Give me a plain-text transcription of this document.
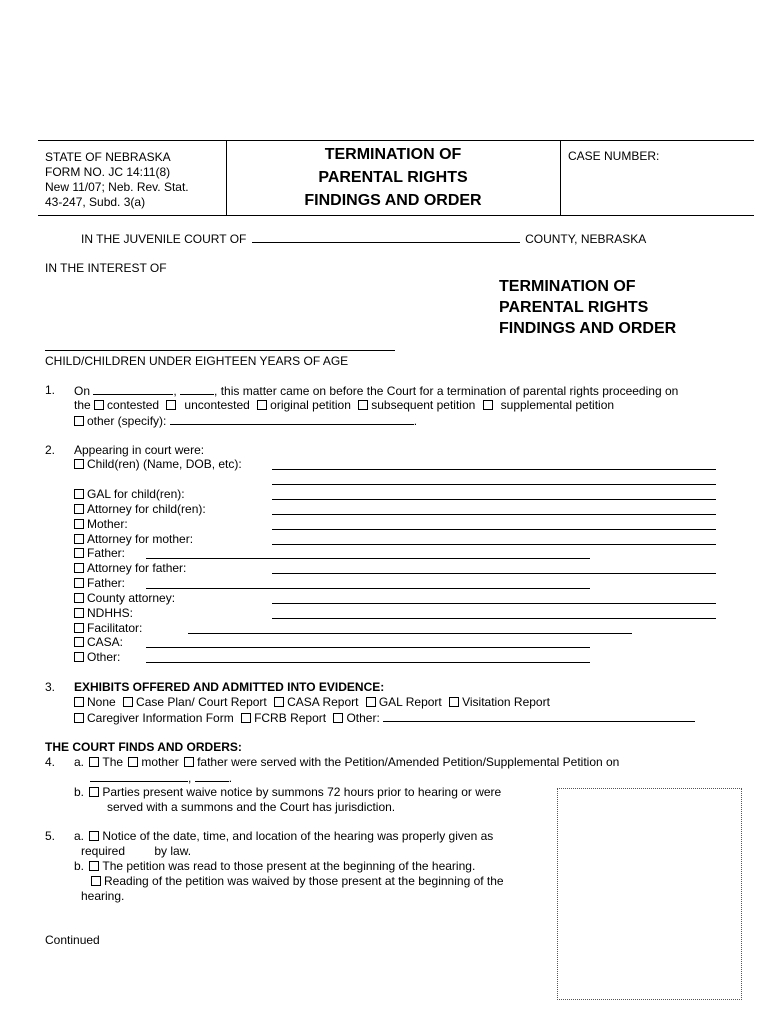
STATE OF NEBRASKA
FORM NO. JC 14:11(8)
New 11/07; Neb. Rev. Stat.
43-247, Subd. 3(a)
TERMINATION OF
PARENTAL RIGHTS
FINDINGS AND ORDER
CASE NUMBER:
IN THE JUVENILE COURT OF	COUNTY, NEBRASKA
IN THE INTEREST OF
TERMINATION OF
PARENTAL RIGHTS
FINDINGS AND ORDER
CHILD/CHILDREN UNDER EIGHTEEN YEARS OF AGE
1. On	,	, this matter came on before the Court for a termination of parental rights proceeding on
the contested uncontested original petition subsequent petition supplemental petition
other (specify):	.
2. Appearing in court were:
Child(ren) (Name, DOB, etc):
GAL for child(ren):
Attorney for child(ren):
Mother:
Attorney for mother:
Father:
Attorney for father:
Father:
County attorney:
NDHHS:
Facilitator:
CASA:
Other:
3. EXHIBITS OFFERED AND ADMITTED INTO EVIDENCE:
None Case Plan/ Court Report CASA Report GAL Report Visitation Report
Caregiver Information Form FCRB Report Other:
THE COURT FINDS AND ORDERS:
4. a. The mother father were served with the Petition/Amended Petition/Supplemental Petition on
,	.
b. Parties present waive notice by summons 72 hours prior to hearing or were
served with a summons and the Court has jurisdiction.
5. a. Notice of the date, time, and location of the hearing was properly given as
required by law.
b. The petition was read to those present at the beginning of the hearing.
Reading of the petition was waived by those present at the beginning of the
hearing.
Continued
